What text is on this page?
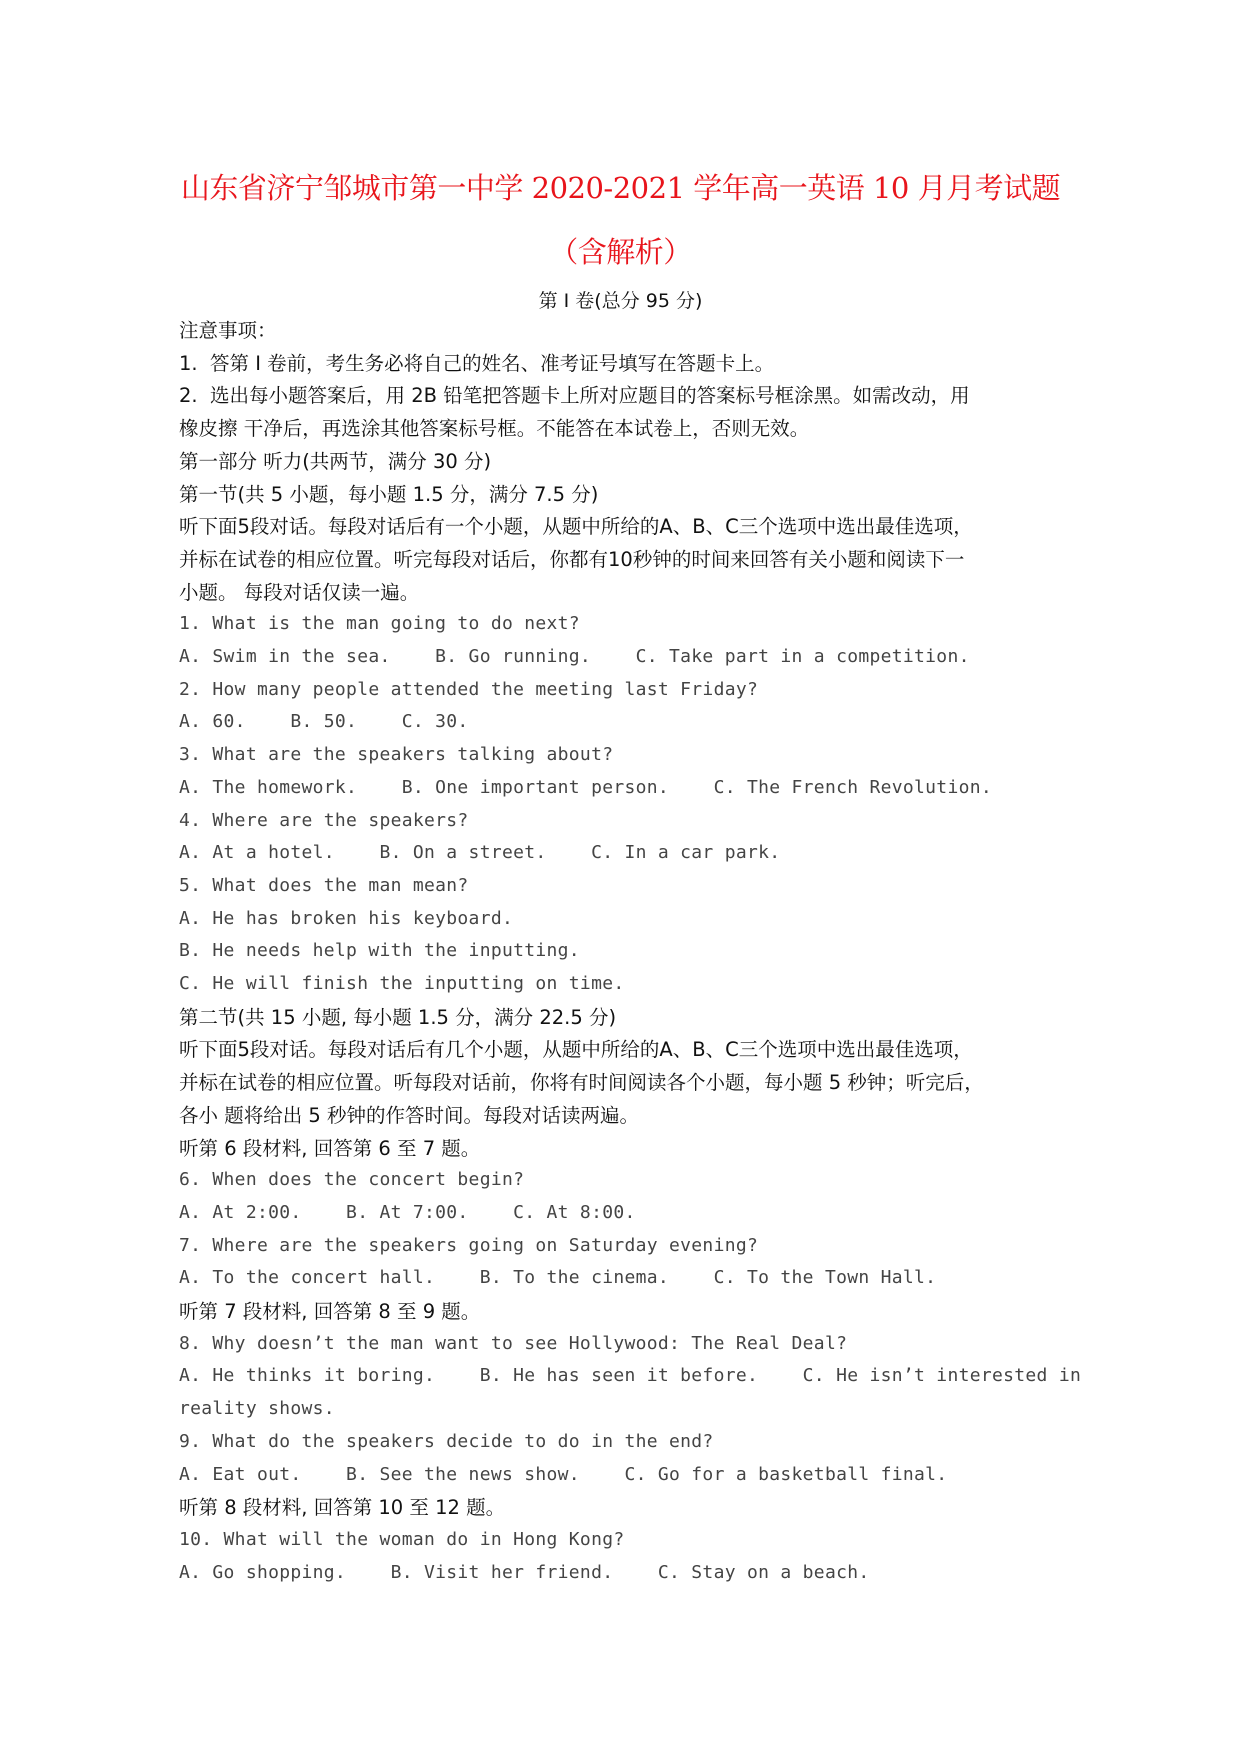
山东省济宁邹城市第一中学 2020-2021 学年高一英语 10 月月考试题
（含解析）
第 I 卷(总分 95 分)
注意事项：
1.  答第 I 卷前，考生务必将自己的姓名、准考证号填写在答题卡上。
2.  选出每小题答案后，用 2B 铅笔把答题卡上所对应题目的答案标号框涂黑。如需改动，用
橡皮擦 干净后，再选涂其他答案标号框。不能答在本试卷上，否则无效。
第一部分 听力(共两节，满分 30 分)
第一节(共 5 小题，每小题 1.5 分，满分 7.5 分)
听下面5段对话。每段对话后有一个小题，从题中所给的A、B、C三个选项中选出最佳选项，
并标在试卷的相应位置。听完每段对话后，你都有10秒钟的时间来回答有关小题和阅读下一
小题。 每段对话仅读一遍。
1. What is the man going to do next?
A. Swim in the sea.    B. Go running.    C. Take part in a competition.
2. How many people attended the meeting last Friday?
A. 60.    B. 50.    C. 30.
3. What are the speakers talking about?
A. The homework.    B. One important person.    C. The French Revolution.
4. Where are the speakers?
A. At a hotel.    B. On a street.    C. In a car park.
5. What does the man mean?
A. He has broken his keyboard.
B. He needs help with the inputting.
C. He will finish the inputting on time.
第二节(共 15 小题, 每小题 1.5 分，满分 22.5 分)
听下面5段对话。每段对话后有几个小题，从题中所给的A、B、C三个选项中选出最佳选项，
并标在试卷的相应位置。听每段对话前，你将有时间阅读各个小题，每小题 5 秒钟；听完后，
各小 题将给出 5 秒钟的作答时间。每段对话读两遍。
听第 6 段材料, 回答第 6 至 7 题。
6. When does the concert begin?
A. At 2:00.    B. At 7:00.    C. At 8:00.
7. Where are the speakers going on Saturday evening?
A. To the concert hall.    B. To the cinema.    C. To the Town Hall.
听第 7 段材料, 回答第 8 至 9 题。
8. Why doesn’t the man want to see Hollywood: The Real Deal?
A. He thinks it boring.    B. He has seen it before.    C. He isn’t interested in
reality shows.
9. What do the speakers decide to do in the end?
A. Eat out.    B. See the news show.    C. Go for a basketball final.
听第 8 段材料, 回答第 10 至 12 题。
10. What will the woman do in Hong Kong?
A. Go shopping.    B. Visit her friend.    C. Stay on a beach.
